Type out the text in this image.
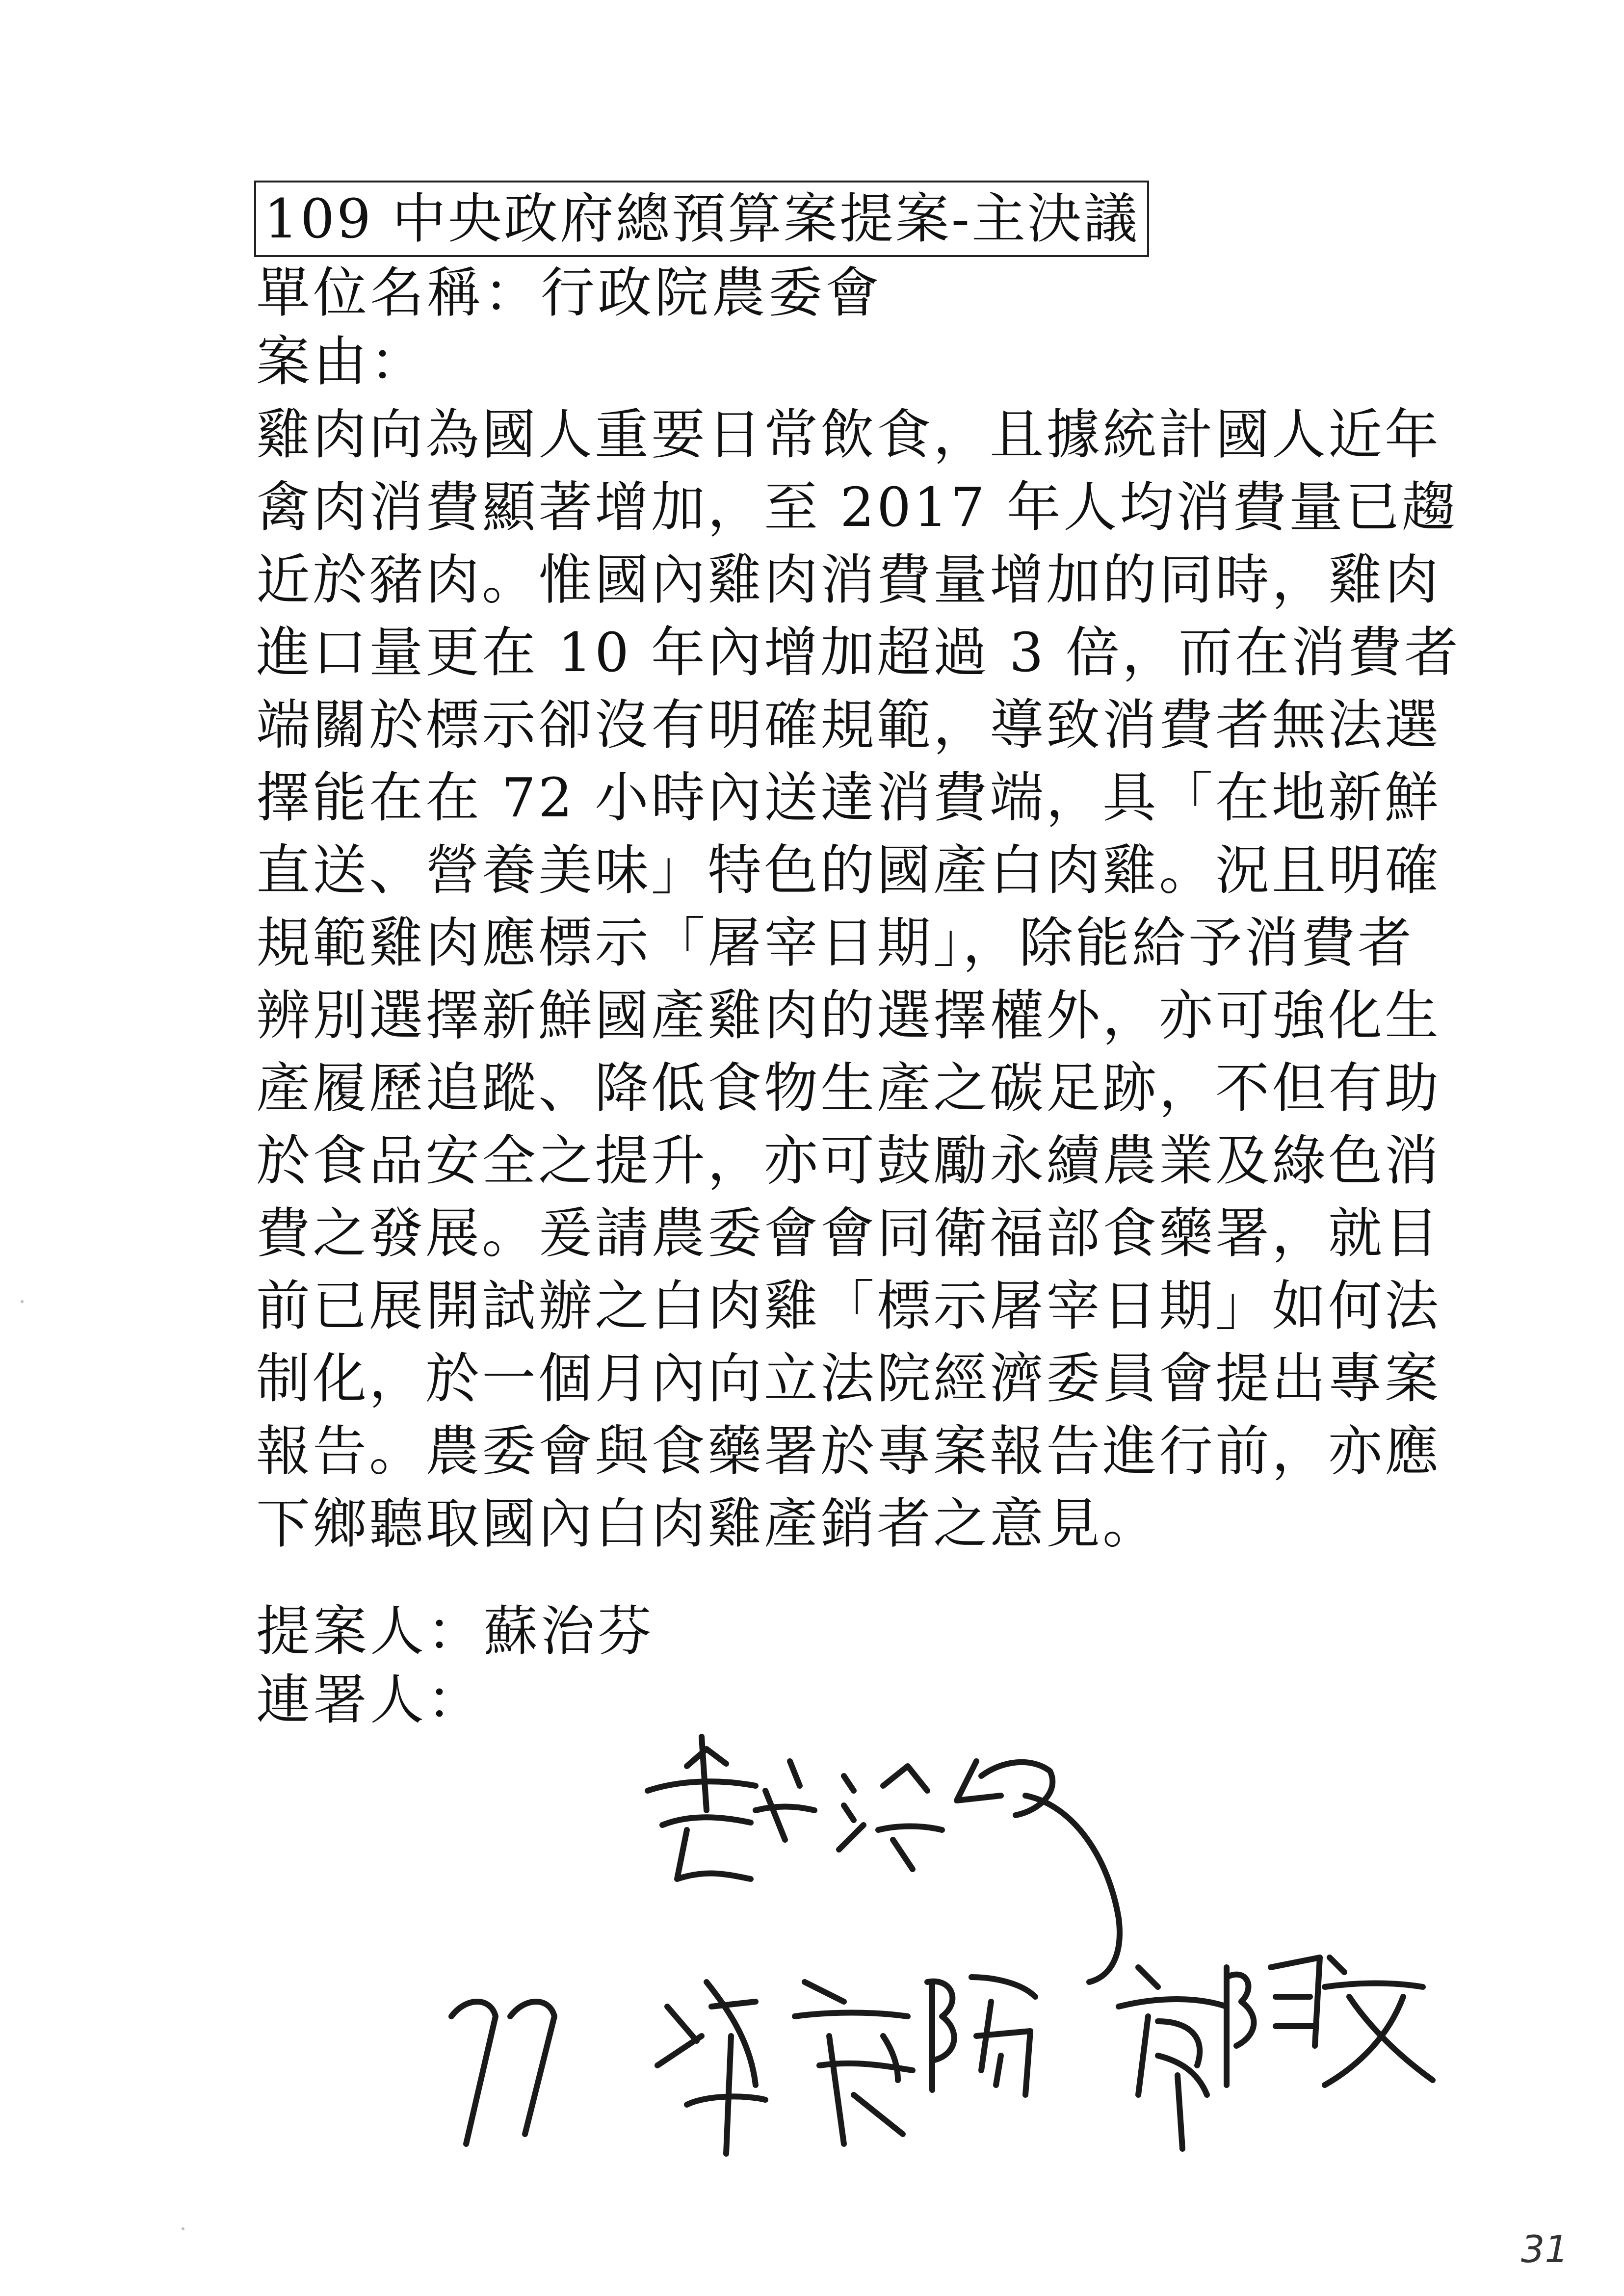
109 中央政府總預算案提案-主決議
單位名稱：行政院農委會
案由：
雞肉向為國人重要日常飲食，且據統計國人近年
禽肉消費顯著增加，至 2017 年人均消費量已趨
近於豬肉。惟國內雞肉消費量增加的同時，雞肉
進口量更在 10 年內增加超過 3 倍，而在消費者
端關於標示卻沒有明確規範，導致消費者無法選
擇能在在 72 小時內送達消費端，具「在地新鮮
直送、營養美味」特色的國產白肉雞。況且明確
規範雞肉應標示「屠宰日期」，除能給予消費者
辨別選擇新鮮國產雞肉的選擇權外，亦可強化生
產履歷追蹤、降低食物生產之碳足跡，不但有助
於食品安全之提升，亦可鼓勵永續農業及綠色消
費之發展。爰請農委會會同衛福部食藥署，就目
前已展開試辦之白肉雞「標示屠宰日期」如何法
制化，於一個月內向立法院經濟委員會提出專案
報告。農委會與食藥署於專案報告進行前，亦應
下鄉聽取國內白肉雞產銷者之意見。
提案人：蘇治芬
連署人：
31
